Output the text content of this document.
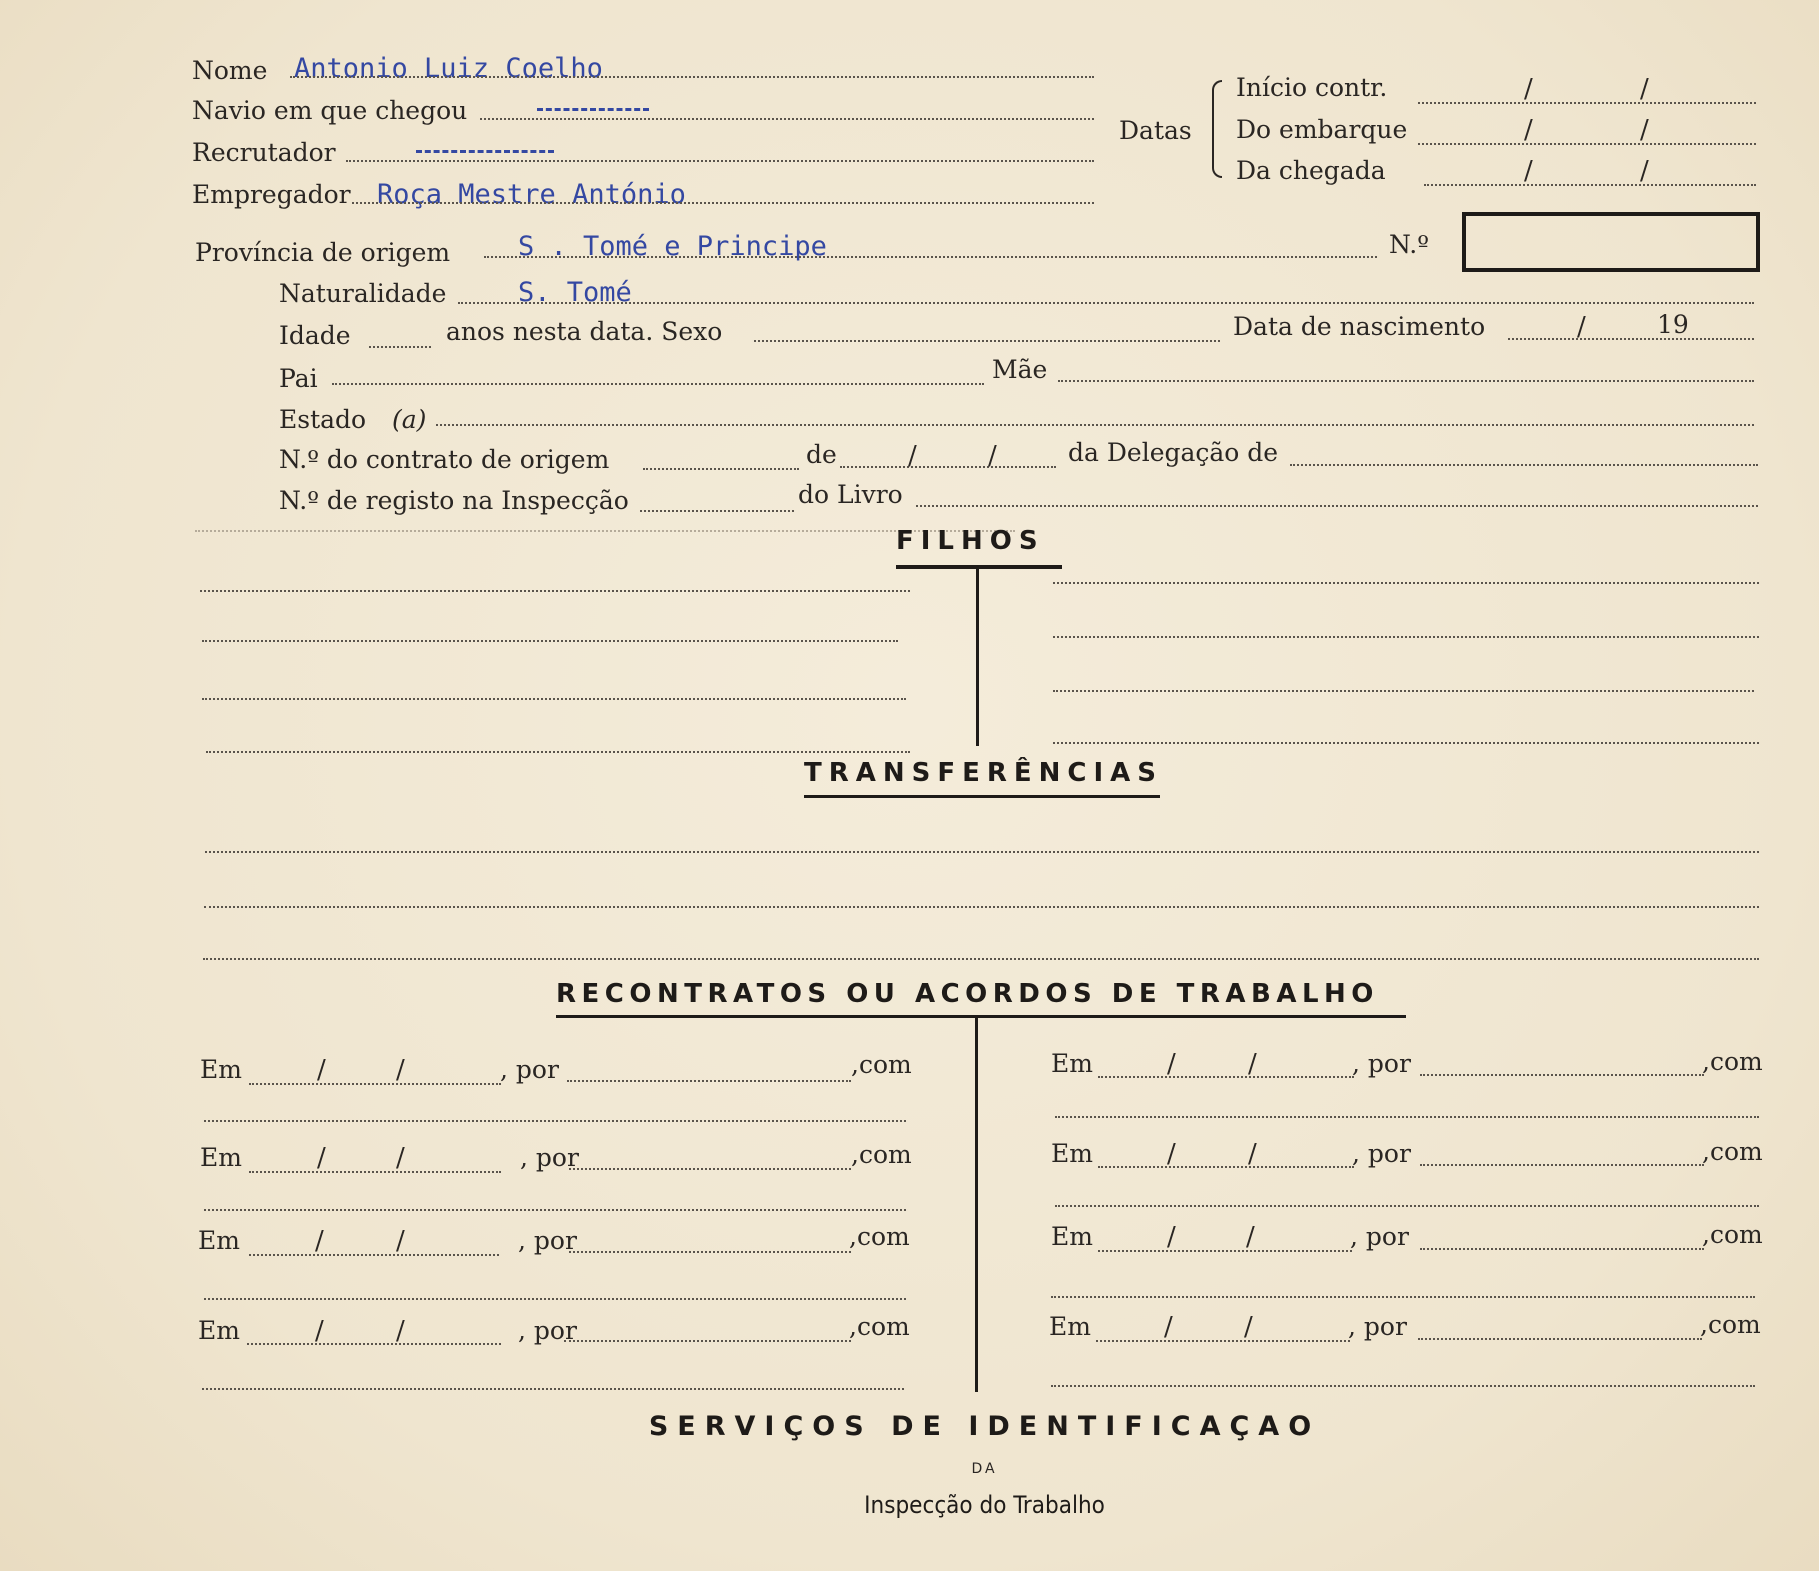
Nome Antonio Luiz Coelho
Navio em que chegou
Recrutador
Empregador Roça Mestre António
Datas
Início contr.	/	/
Do embarque	/	/
Da chegada	/	/
Província de origem	S . Tomé e Principe	N.º
Naturalidade	S. Tomé
Idade	anos nesta data. Sexo	Data de nascimento	/	19
Pai	Mãe
Estado (a)
N.º do contrato de origem	de	/	/	da Delegação de
N.º de registo na Inspecção	do Livro
FILHOS
TRANSFERÊNCIAS
RECONTRATOS OU ACORDOS DE TRABALHO
Em	/	/	, por	,com
Em	/	/	, por	,com
Em	/	/	, por	,com
Em	/	/	, por	,com
Em	/	/	, por	,com
Em	/	/	, por	,com
Em	/	/	, por	,com
Em	/	/	, por	,com
SERVIÇOS DE IDENTIFICAÇAO
DA
Inspecção do Trabalho
